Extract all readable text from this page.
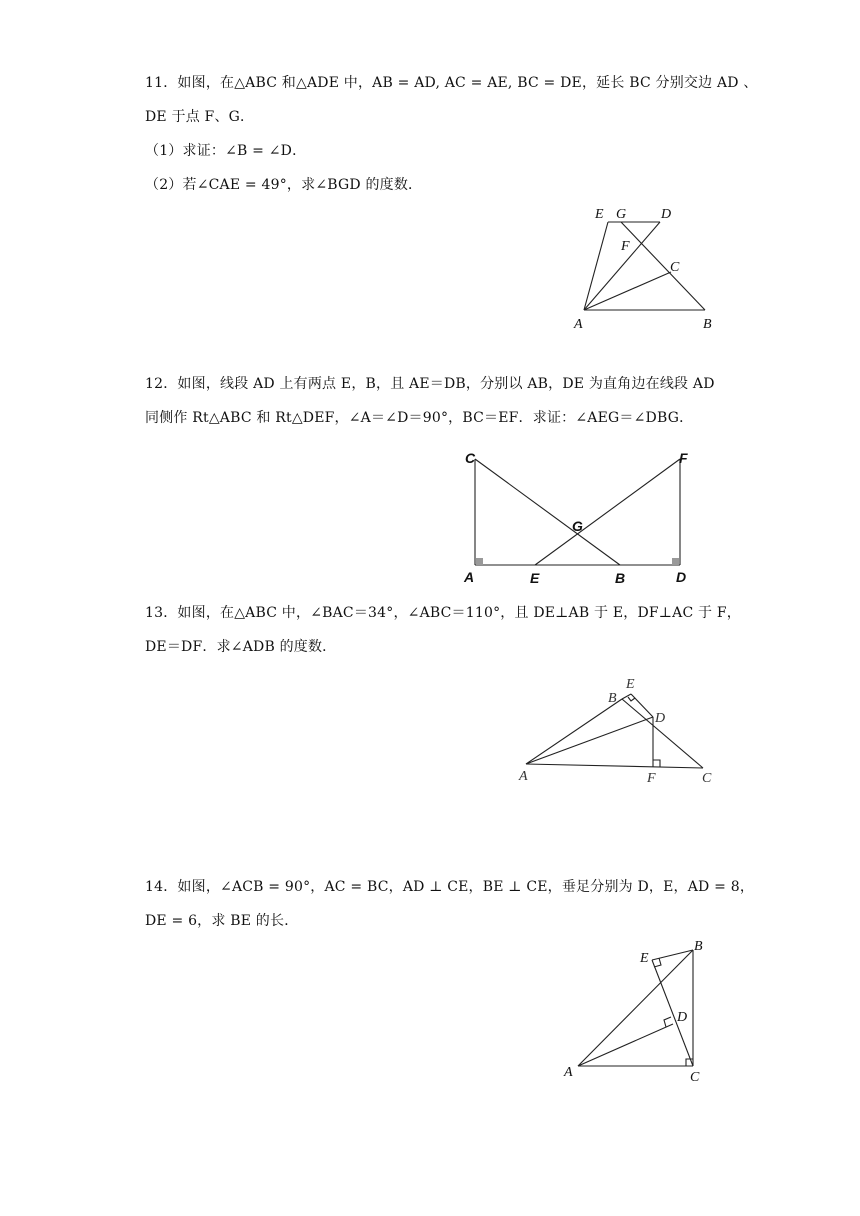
11．如图，在△ABC 和△ADE 中，AB = AD, AC = AE, BC = DE，延长 BC 分别交边 AD 、
DE 于点 F、G．
（1）求证：∠B = ∠D．
（2）若∠CAE = 49°，求∠BGD 的度数．
E G D
F
C
A	B
12．如图，线段 AD 上有两点 E，B，且 AE＝DB，分别以 AB，DE 为直角边在线段 AD
同侧作 Rt△ABC 和 Rt△DEF，∠A＝∠D＝90°，BC＝EF．求证：∠AEG＝∠DBG．
C	F
G
A	E	B	D
13．如图，在△ABC 中，∠BAC＝34°，∠ABC＝110°，且 DE⊥AB 于 E，DF⊥AC 于 F，
DE＝DF．求∠ADB 的度数．
B
E
D
A	F	C
14．如图，∠ACB = 90°，AC = BC，AD ⊥ CE，BE ⊥ CE，垂足分别为 D，E，AD = 8，
DE = 6，求 BE 的长．
E
B
D
A	C
